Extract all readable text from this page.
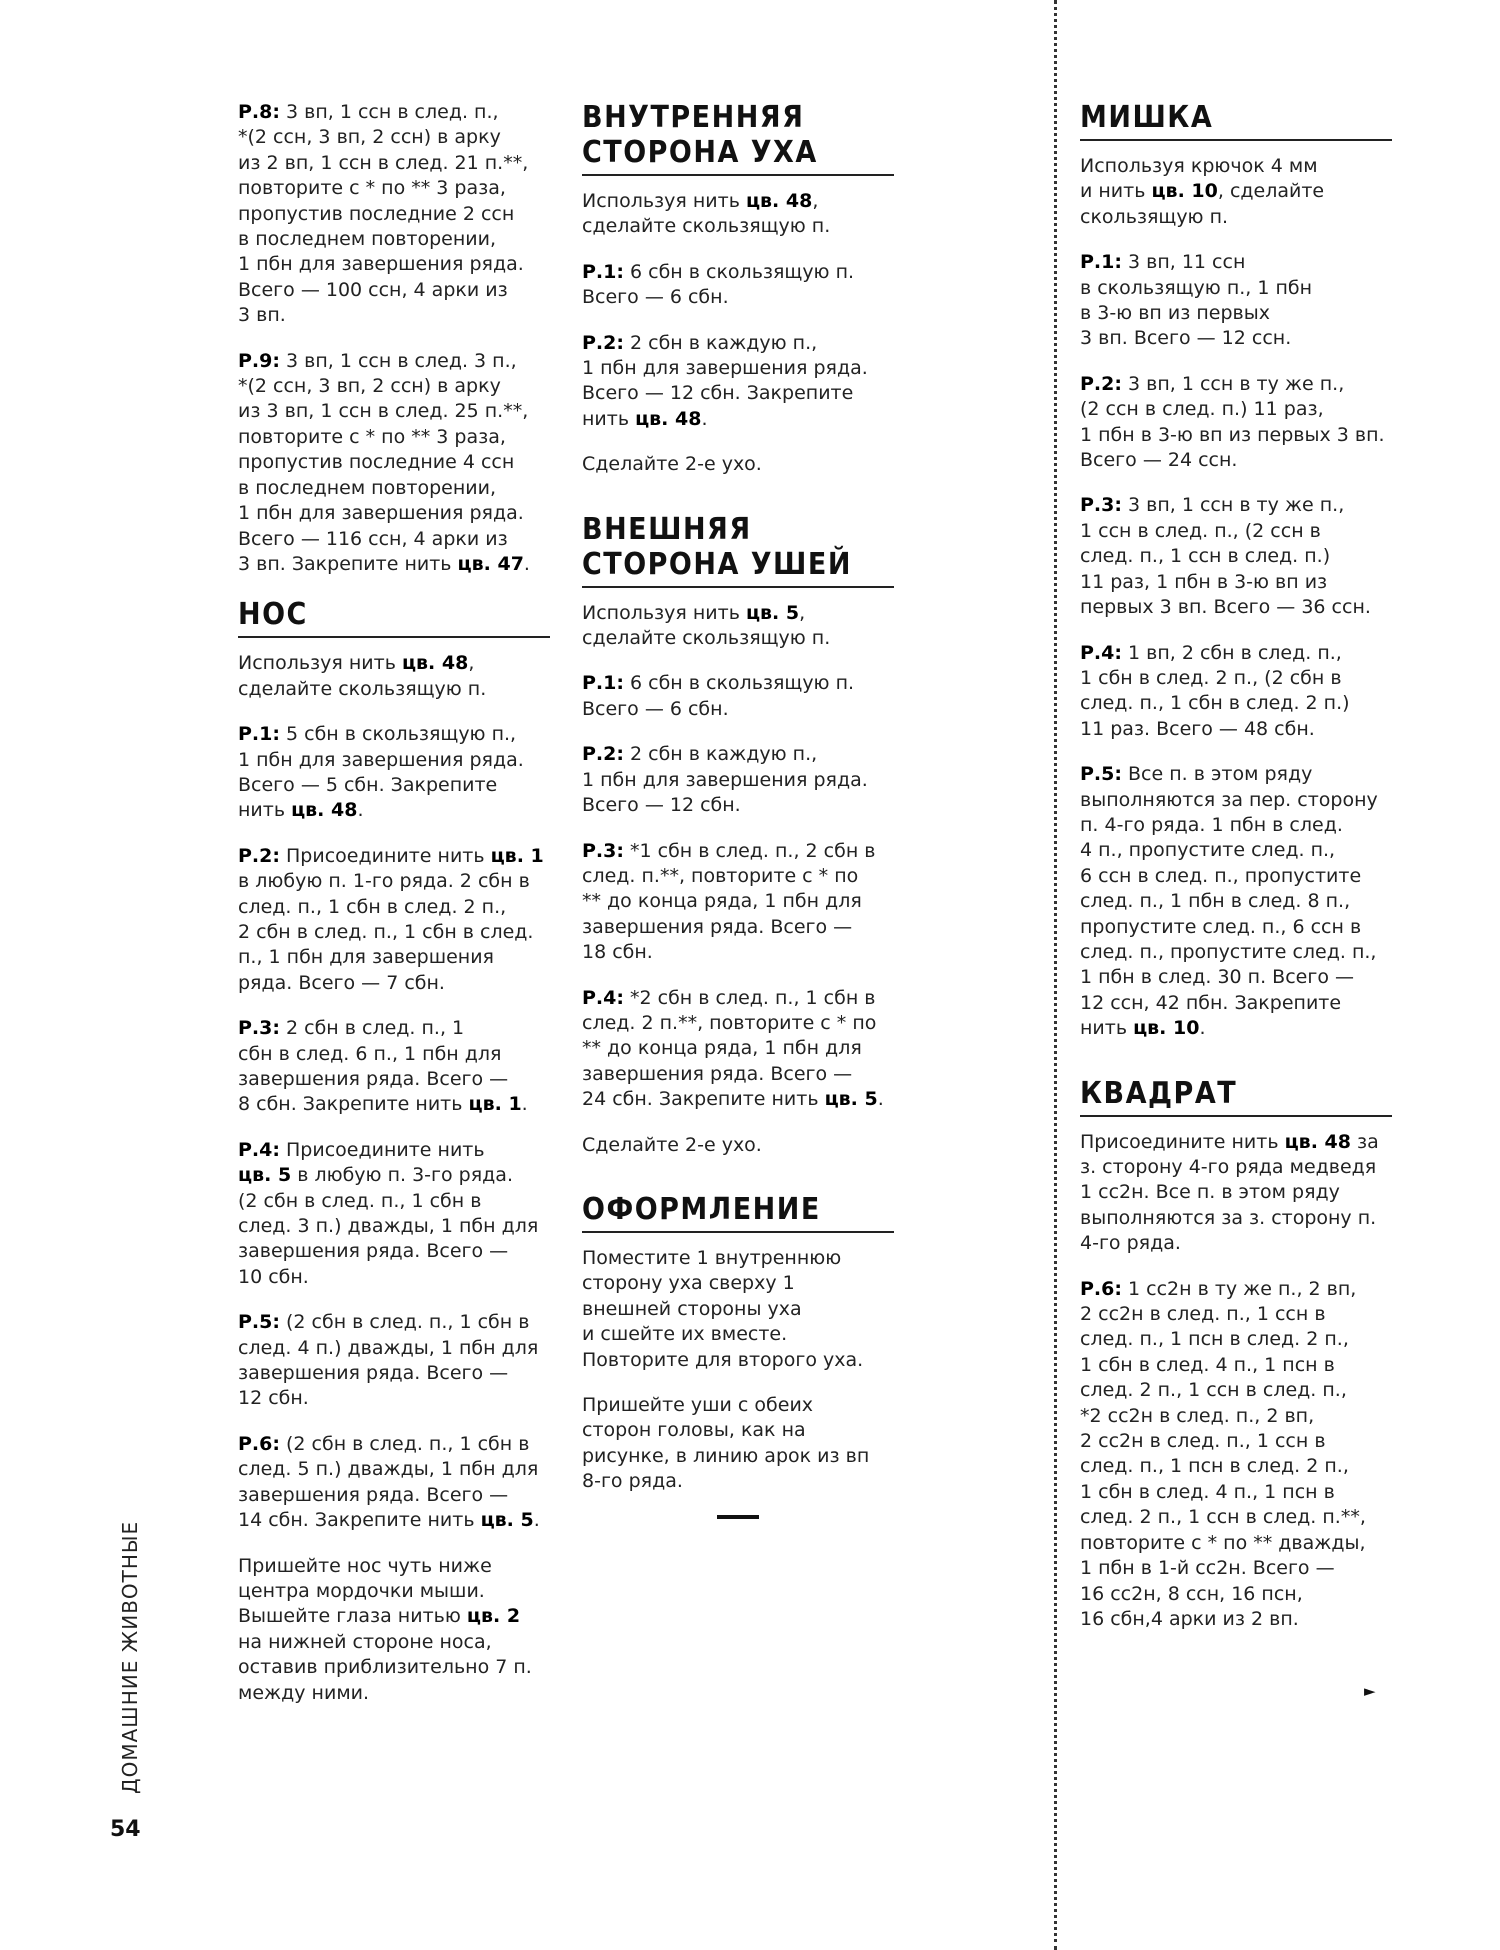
Р.8: 3 вп, 1 ссн в след. п.,
*(2 ссн, 3 вп, 2 ссн) в арку
из 2 вп, 1 ссн в след. 21 п.**,
повторите с * по ** 3 раза,
пропустив последние 2 ссн
в последнем повторении,
1 пбн для завершения ряда.
Всего — 100 ссн, 4 арки из
3 вп.

Р.9: 3 вп, 1 ссн в след. 3 п.,
*(2 ссн, 3 вп, 2 ссн) в арку
из 3 вп, 1 ссн в след. 25 п.**,
повторите с * по ** 3 раза,
пропустив последние 4 ссн
в последнем повторении,
1 пбн для завершения ряда.
Всего — 116 ссн, 4 арки из
3 вп. Закрепите нить цв. 47.

НОС

Используя нить цв. 48,
сделайте скользящую п.

Р.1: 5 сбн в скользящую п.,
1 пбн для завершения ряда.
Всего — 5 сбн. Закрепите
нить цв. 48.

Р.2: Присоедините нить цв. 1
в любую п. 1-го ряда. 2 сбн в
след. п., 1 сбн в след. 2 п.,
2 сбн в след. п., 1 сбн в след.
п., 1 пбн для завершения
ряда. Всего — 7 сбн.

Р.3: 2 сбн в след. п., 1
сбн в след. 6 п., 1 пбн для
завершения ряда. Всего —
8 сбн. Закрепите нить цв. 1.

Р.4: Присоедините нить
цв. 5 в любую п. 3-го ряда.
(2 сбн в след. п., 1 сбн в
след. 3 п.) дважды, 1 пбн для
завершения ряда. Всего —
10 сбн.

Р.5: (2 сбн в след. п., 1 сбн в
след. 4 п.) дважды, 1 пбн для
завершения ряда. Всего —
12 сбн.

Р.6: (2 сбн в след. п., 1 сбн в
след. 5 п.) дважды, 1 пбн для
завершения ряда. Всего —
14 сбн. Закрепите нить цв. 5.

Пришейте нос чуть ниже
центра мордочки мыши.
Вышейте глаза нитью цв. 2
на нижней стороне носа,
оставив приблизительно 7 п.
между ними.

ВНУТРЕННЯЯ
СТОРОНА УХА

Используя нить цв. 48,
сделайте скользящую п.

Р.1: 6 сбн в скользящую п.
Всего — 6 сбн.

Р.2: 2 сбн в каждую п.,
1 пбн для завершения ряда.
Всего — 12 сбн. Закрепите
нить цв. 48.

Сделайте 2-е ухо.

ВНЕШНЯЯ
СТОРОНА УШЕЙ

Используя нить цв. 5,
сделайте скользящую п.

Р.1: 6 сбн в скользящую п.
Всего — 6 сбн.

Р.2: 2 сбн в каждую п.,
1 пбн для завершения ряда.
Всего — 12 сбн.

Р.3: *1 сбн в след. п., 2 сбн в
след. п.**, повторите с * по
** до конца ряда, 1 пбн для
завершения ряда. Всего —
18 сбн.

Р.4: *2 сбн в след. п., 1 сбн в
след. 2 п.**, повторите с * по
** до конца ряда, 1 пбн для
завершения ряда. Всего —
24 сбн. Закрепите нить цв. 5.

Сделайте 2-е ухо.

ОФОРМЛЕНИЕ

Поместите 1 внутреннюю
сторону уха сверху 1
внешней стороны уха
и сшейте их вместе.
Повторите для второго уха.

Пришейте уши с обеих
сторон головы, как на
рисунке, в линию арок из вп
8-го ряда.

МИШКА

Используя крючок 4 мм
и нить цв. 10, сделайте
скользящую п.

Р.1: 3 вп, 11 ссн
в скользящую п., 1 пбн
в 3-ю вп из первых
3 вп. Всего — 12 ссн.

Р.2: 3 вп, 1 ссн в ту же п.,
(2 ссн в след. п.) 11 раз,
1 пбн в 3-ю вп из первых 3 вп.
Всего — 24 ссн.

Р.3: 3 вп, 1 ссн в ту же п.,
1 ссн в след. п., (2 ссн в
след. п., 1 ссн в след. п.)
11 раз, 1 пбн в 3-ю вп из
первых 3 вп. Всего — 36 ссн.

Р.4: 1 вп, 2 сбн в след. п.,
1 сбн в след. 2 п., (2 сбн в
след. п., 1 сбн в след. 2 п.)
11 раз. Всего — 48 сбн.

Р.5: Все п. в этом ряду
выполняются за пер. сторону
п. 4-го ряда. 1 пбн в след.
4 п., пропустите след. п.,
6 ссн в след. п., пропустите
след. п., 1 пбн в след. 8 п.,
пропустите след. п., 6 ссн в
след. п., пропустите след. п.,
1 пбн в след. 30 п. Всего —
12 ссн, 42 пбн. Закрепите
нить цв. 10.

КВАДРАТ

Присоедините нить цв. 48 за
з. сторону 4-го ряда медведя
1 сс2н. Все п. в этом ряду
выполняются за з. сторону п.
4-го ряда.

Р.6: 1 сс2н в ту же п., 2 вп,
2 сс2н в след. п., 1 ссн в
след. п., 1 псн в след. 2 п.,
1 сбн в след. 4 п., 1 псн в
след. 2 п., 1 ссн в след. п.,
*2 сс2н в след. п., 2 вп,
2 сс2н в след. п., 1 ссн в
след. п., 1 псн в след. 2 п.,
1 сбн в след. 4 п., 1 псн в
след. 2 п., 1 ссн в след. п.**,
повторите с * по ** дважды,
1 пбн в 1-й сс2н. Всего —
16 сс2н, 8 ссн, 16 псн,
16 сбн,4 арки из 2 вп.

ДОМАШНИЕ ЖИВОТНЫЕ
54
►
